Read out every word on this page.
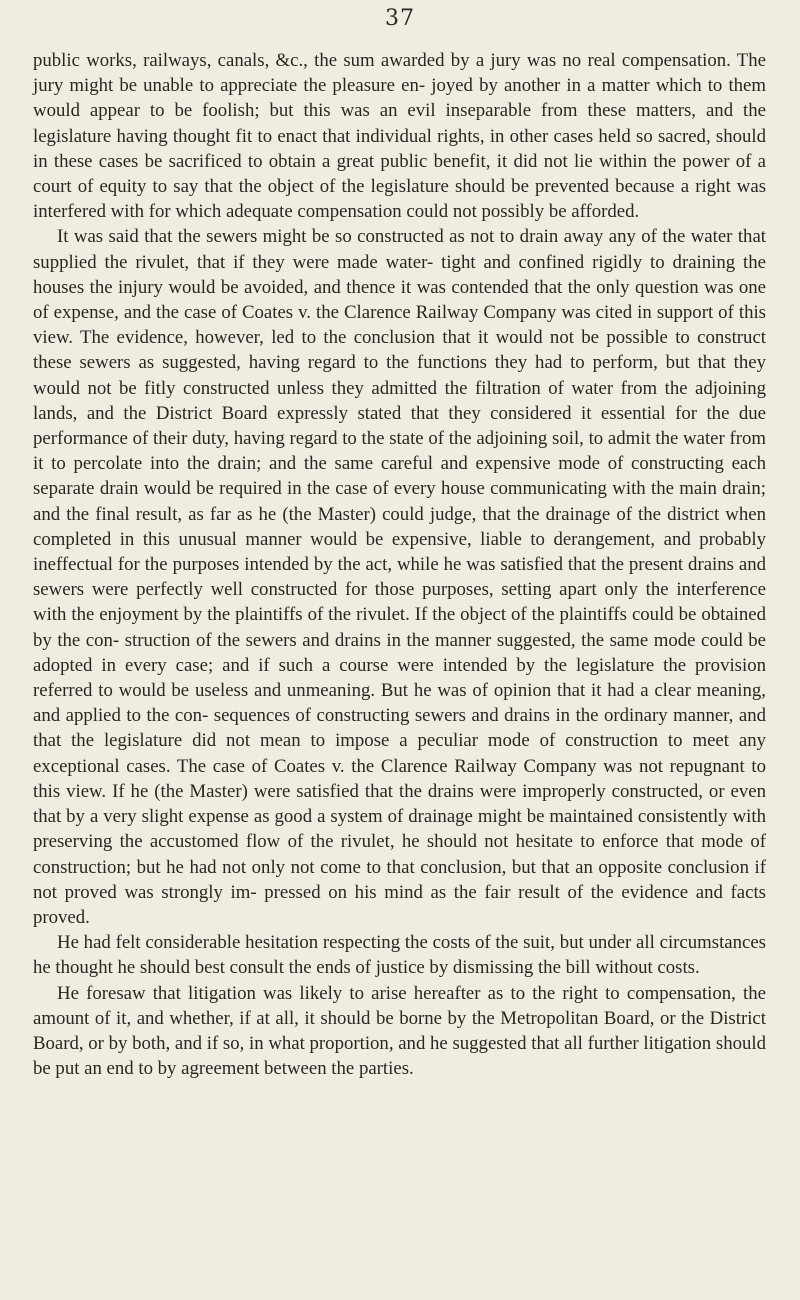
37

public works, railways, canals, &c., the sum awarded by a jury was no real compensation. The jury might be unable to appreciate the pleasure en- joyed by another in a matter which to them would appear to be foolish; but this was an evil inseparable from these matters, and the legislature having thought fit to enact that individual rights, in other cases held so sacred, should in these cases be sacrificed to obtain a great public benefit, it did not lie within the power of a court of equity to say that the object of the legislature should be prevented because a right was interfered with for which adequate compensation could not possibly be afforded.

It was said that the sewers might be so constructed as not to drain away any of the water that supplied the rivulet, that if they were made water- tight and confined rigidly to draining the houses the injury would be avoided, and thence it was contended that the only question was one of expense, and the case of Coates v. the Clarence Railway Company was cited in support of this view. The evidence, however, led to the conclusion that it would not be possible to construct these sewers as suggested, having regard to the functions they had to perform, but that they would not be fitly constructed unless they admitted the filtration of water from the adjoining lands, and the District Board expressly stated that they considered it essential for the due performance of their duty, having regard to the state of the adjoining soil, to admit the water from it to percolate into the drain; and the same careful and expensive mode of constructing each separate drain would be required in the case of every house communicating with the main drain; and the final result, as far as he (the Master) could judge, that the drainage of the district when completed in this unusual manner would be expensive, liable to derangement, and probably ineffectual for the purposes intended by the act, while he was satisfied that the present drains and sewers were perfectly well constructed for those purposes, setting apart only the interference with the enjoyment by the plaintiffs of the rivulet. If the object of the plaintiffs could be obtained by the con- struction of the sewers and drains in the manner suggested, the same mode could be adopted in every case; and if such a course were intended by the legislature the provision referred to would be useless and unmeaning. But he was of opinion that it had a clear meaning, and applied to the con- sequences of constructing sewers and drains in the ordinary manner, and that the legislature did not mean to impose a peculiar mode of construction to meet any exceptional cases. The case of Coates v. the Clarence Railway Company was not repugnant to this view. If he (the Master) were satisfied that the drains were improperly constructed, or even that by a very slight expense as good a system of drainage might be maintained consistently with preserving the accustomed flow of the rivulet, he should not hesitate to enforce that mode of construction; but he had not only not come to that conclusion, but that an opposite conclusion if not proved was strongly im- pressed on his mind as the fair result of the evidence and facts proved.

He had felt considerable hesitation respecting the costs of the suit, but under all circumstances he thought he should best consult the ends of justice by dismissing the bill without costs.

He foresaw that litigation was likely to arise hereafter as to the right to compensation, the amount of it, and whether, if at all, it should be borne by the Metropolitan Board, or the District Board, or by both, and if so, in what proportion, and he suggested that all further litigation should be put an end to by agreement between the parties.
